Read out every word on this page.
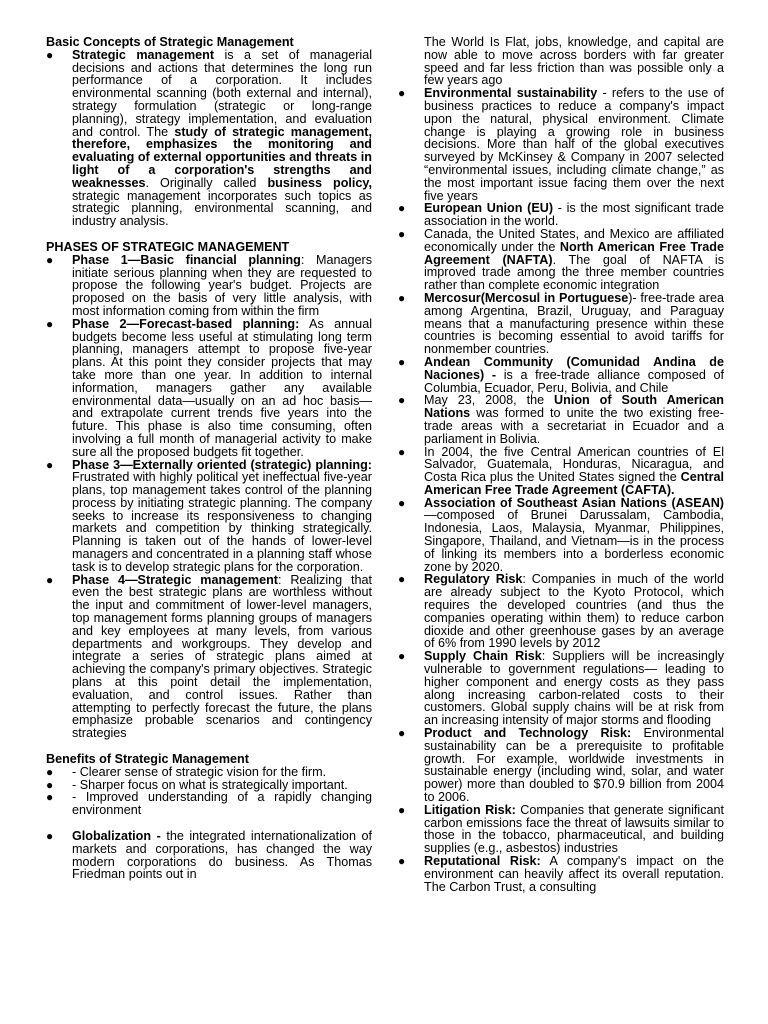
Basic Concepts of Strategic Management

● Strategic management is a set of managerial decisions and actions that determines the long run performance of a corporation. It includes environmental scanning (both external and internal), strategy formulation (strategic or long-range planning), strategy implementation, and evaluation and control. The study of strategic management, therefore, emphasizes the monitoring and evaluating of external opportunities and threats in light of a corporation's strengths and weaknesses. Originally called business policy, strategic management incorporates such topics as strategic planning, environmental scanning, and industry analysis.

PHASES OF STRATEGIC MANAGEMENT

● Phase 1—Basic financial planning: Managers initiate serious planning when they are requested to propose the following year's budget. Projects are proposed on the basis of very little analysis, with most information coming from within the firm
● Phase 2—Forecast-based planning: As annual budgets become less useful at stimulating long term planning, managers attempt to propose five-year plans. At this point they consider projects that may take more than one year. In addition to internal information, managers gather any available environmental data—usually on an ad hoc basis—and extrapolate current trends five years into the future. This phase is also time consuming, often involving a full month of managerial activity to make sure all the proposed budgets fit together.
● Phase 3—Externally oriented (strategic) planning: Frustrated with highly political yet ineffectual five-year plans, top management takes control of the planning process by initiating strategic planning. The company seeks to increase its responsiveness to changing markets and competition by thinking strategically. Planning is taken out of the hands of lower-level managers and concentrated in a planning staff whose task is to develop strategic plans for the corporation.
● Phase 4—Strategic management: Realizing that even the best strategic plans are worthless without the input and commitment of lower-level managers, top management forms planning groups of managers and key employees at many levels, from various departments and workgroups. They develop and integrate a series of strategic plans aimed at achieving the company's primary objectives. Strategic plans at this point detail the implementation, evaluation, and control issues. Rather than attempting to perfectly forecast the future, the plans emphasize probable scenarios and contingency strategies

Benefits of Strategic Management

● - Clearer sense of strategic vision for the firm.
● - Sharper focus on what is strategically important.
● - Improved understanding of a rapidly changing environment
● Globalization - the integrated internationalization of markets and corporations, has changed the way modern corporations do business. As Thomas Friedman points out in

The World Is Flat, jobs, knowledge, and capital are now able to move across borders with far greater speed and far less friction than was possible only a few years ago

● Environmental sustainability - refers to the use of business practices to reduce a company's impact upon the natural, physical environment. Climate change is playing a growing role in business decisions. More than half of the global executives surveyed by McKinsey & Company in 2007 selected “environmental issues, including climate change,” as the most important issue facing them over the next five years
● European Union (EU) - is the most significant trade association in the world.
● Canada, the United States, and Mexico are affiliated economically under the North American Free Trade Agreement (NAFTA). The goal of NAFTA is improved trade among the three member countries rather than complete economic integration
● Mercosur(Mercosul in Portuguese)- free-trade area among Argentina, Brazil, Uruguay, and Paraguay means that a manufacturing presence within these countries is becoming essential to avoid tariffs for nonmember countries.
● Andean Community (Comunidad Andina de Naciones) - is a free-trade alliance composed of Columbia, Ecuador, Peru, Bolivia, and Chile
● May 23, 2008, the Union of South American Nations was formed to unite the two existing free-trade areas with a secretariat in Ecuador and a parliament in Bolivia.
● In 2004, the five Central American countries of El Salvador, Guatemala, Honduras, Nicaragua, and Costa Rica plus the United States signed the Central American Free Trade Agreement (CAFTA).
● Association of Southeast Asian Nations (ASEAN)—composed of Brunei Darussalam, Cambodia, Indonesia, Laos, Malaysia, Myanmar, Philippines, Singapore, Thailand, and Vietnam—is in the process of linking its members into a borderless economic zone by 2020.
● Regulatory Risk: Companies in much of the world are already subject to the Kyoto Protocol, which requires the developed countries (and thus the companies operating within them) to reduce carbon dioxide and other greenhouse gases by an average of 6% from 1990 levels by 2012
● Supply Chain Risk: Suppliers will be increasingly vulnerable to government regulations— leading to higher component and energy costs as they pass along increasing carbon-related costs to their customers. Global supply chains will be at risk from an increasing intensity of major storms and flooding
● Product and Technology Risk: Environmental sustainability can be a prerequisite to profitable growth. For example, worldwide investments in sustainable energy (including wind, solar, and water power) more than doubled to $70.9 billion from 2004 to 2006.
● Litigation Risk: Companies that generate significant carbon emissions face the threat of lawsuits similar to those in the tobacco, pharmaceutical, and building supplies (e.g., asbestos) industries
● Reputational Risk: A company's impact on the environment can heavily affect its overall reputation. The Carbon Trust, a consulting
